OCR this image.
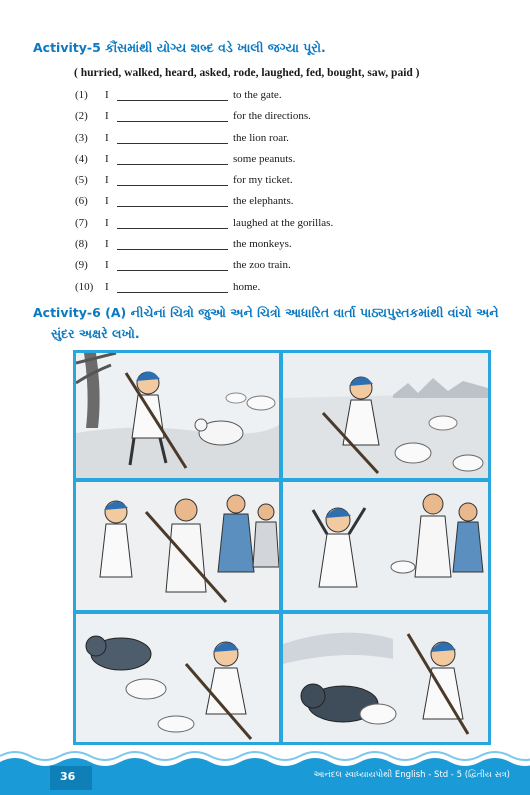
Activity-5 કૌંસમાંથી યોગ્ય શબ્દ વડે ખાલી જગ્યા પૂરો.
( hurried, walked, heard, asked, rode, laughed, fed, bought, saw, paid )
(1) I	to the gate.
(2) I	for the directions.
(3) I	the lion roar.
(4) I	some peanuts.
(5) I	for my ticket.
(6) I	the elephants.
(7) I	laughed at the gorillas.
(8) I	the monkeys.
(9) I	the zoo train.
(10) I	home.
Activity-6 (A) નીચેનાં ચિત્રો જુઓ અને ચિત્રો આધારિત વાર્તા પાઠ્યપુસ્તકમાંથી વાંચો અને
સુંદર અક્ષરે લખો.
36	આનંદલ સ્વાધ્યાયપોથી English - Std - 5 (દ્વિતીય સત્ર)
